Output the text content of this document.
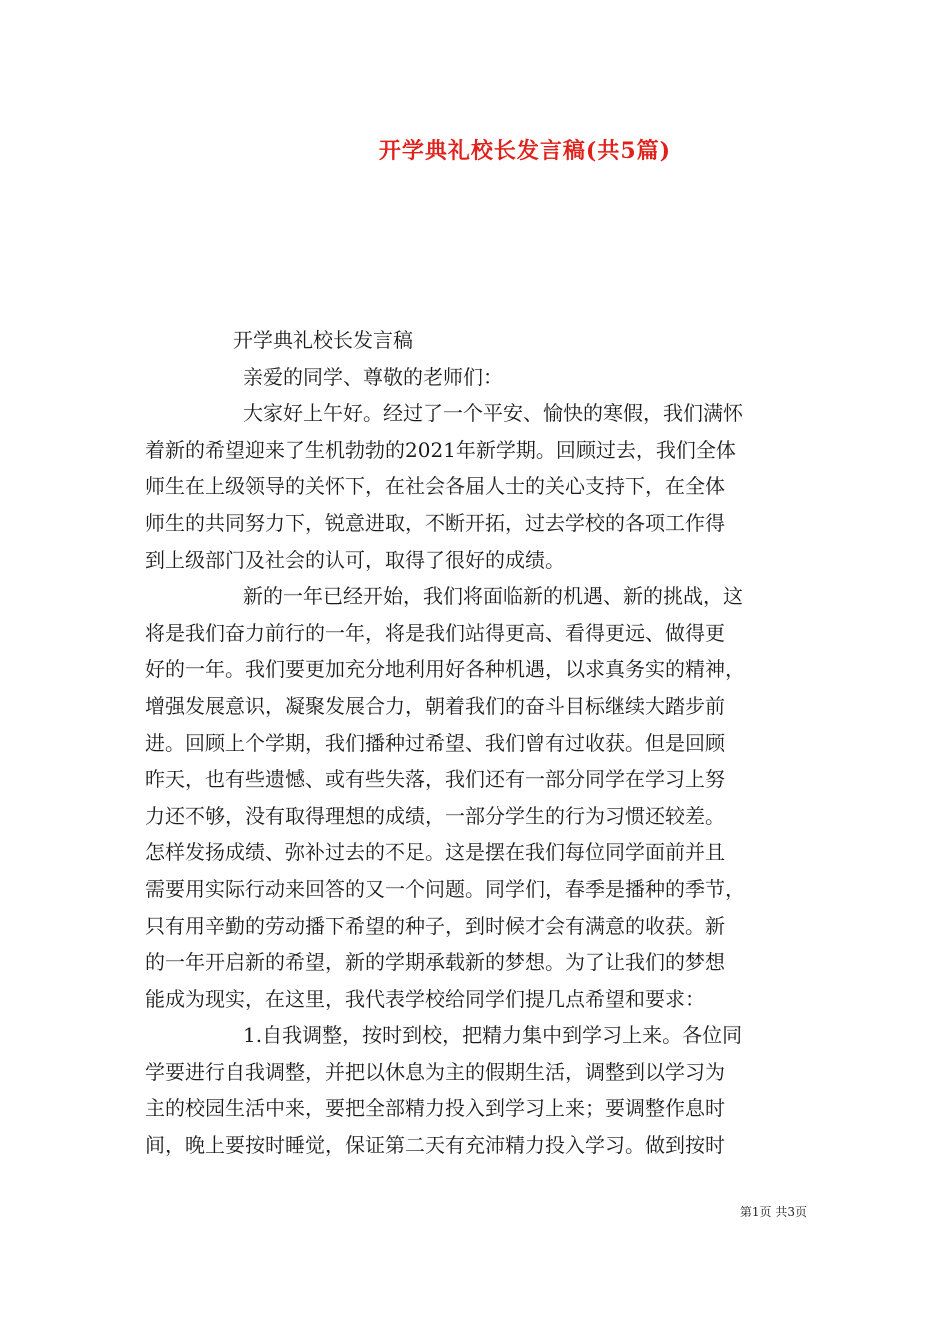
开学典礼校长发言稿(共5篇)
开学典礼校长发言稿
亲爱的同学、尊敬的老师们：
大家好上午好。经过了一个平安、愉快的寒假，我们满怀
着新的希望迎来了生机勃勃的2021年新学期。回顾过去，我们全体
师生在上级领导的关怀下，在社会各届人士的关心支持下，在全体
师生的共同努力下，锐意进取，不断开拓，过去学校的各项工作得
到上级部门及社会的认可，取得了很好的成绩。
新的一年已经开始，我们将面临新的机遇、新的挑战，这
将是我们奋力前行的一年，将是我们站得更高、看得更远、做得更
好的一年。我们要更加充分地利用好各种机遇，以求真务实的精神，
增强发展意识，凝聚发展合力，朝着我们的奋斗目标继续大踏步前
进。回顾上个学期，我们播种过希望、我们曾有过收获。但是回顾
昨天，也有些遗憾、或有些失落，我们还有一部分同学在学习上努
力还不够，没有取得理想的成绩，一部分学生的行为习惯还较差。
怎样发扬成绩、弥补过去的不足。这是摆在我们每位同学面前并且
需要用实际行动来回答的又一个问题。同学们，春季是播种的季节，
只有用辛勤的劳动播下希望的种子，到时候才会有满意的收获。新
的一年开启新的希望，新的学期承载新的梦想。为了让我们的梦想
能成为现实，在这里，我代表学校给同学们提几点希望和要求：
1.自我调整，按时到校，把精力集中到学习上来。各位同
学要进行自我调整，并把以休息为主的假期生活，调整到以学习为
主的校园生活中来，要把全部精力投入到学习上来；要调整作息时
间，晚上要按时睡觉，保证第二天有充沛精力投入学习。做到按时
第1页 共3页
